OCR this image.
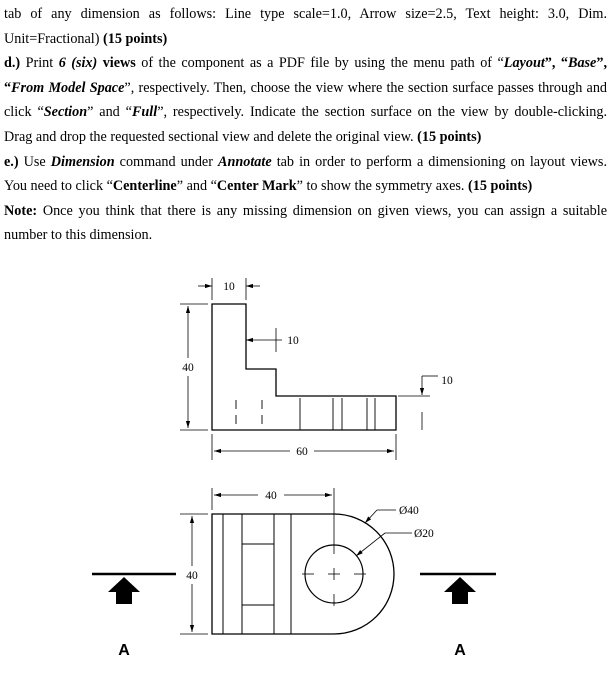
tab of any dimension as follows: Line type scale=1.0, Arrow size=2.5, Text height: 3.0, Dim. Unit=Fractional) (15 points)

d.) Print 6 (six) views of the component as a PDF file by using the menu path of “Layout”, “Base”, “From Model Space”, respectively. Then, choose the view where the section surface passes through and click “Section” and “Full”, respectively. Indicate the section surface on the view by double-clicking. Drag and drop the requested sectional view and delete the original view. (15 points)

e.) Use Dimension command under Annotate tab in order to perform a dimensioning on layout views. You need to click “Centerline” and “Center Mark” to show the symmetry axes. (15 points)

Note: Once you think that there is any missing dimension on given views, you can assign a suitable number to this dimension.

10
40
10
10
60
40
40
Ø40
Ø20
A	A
